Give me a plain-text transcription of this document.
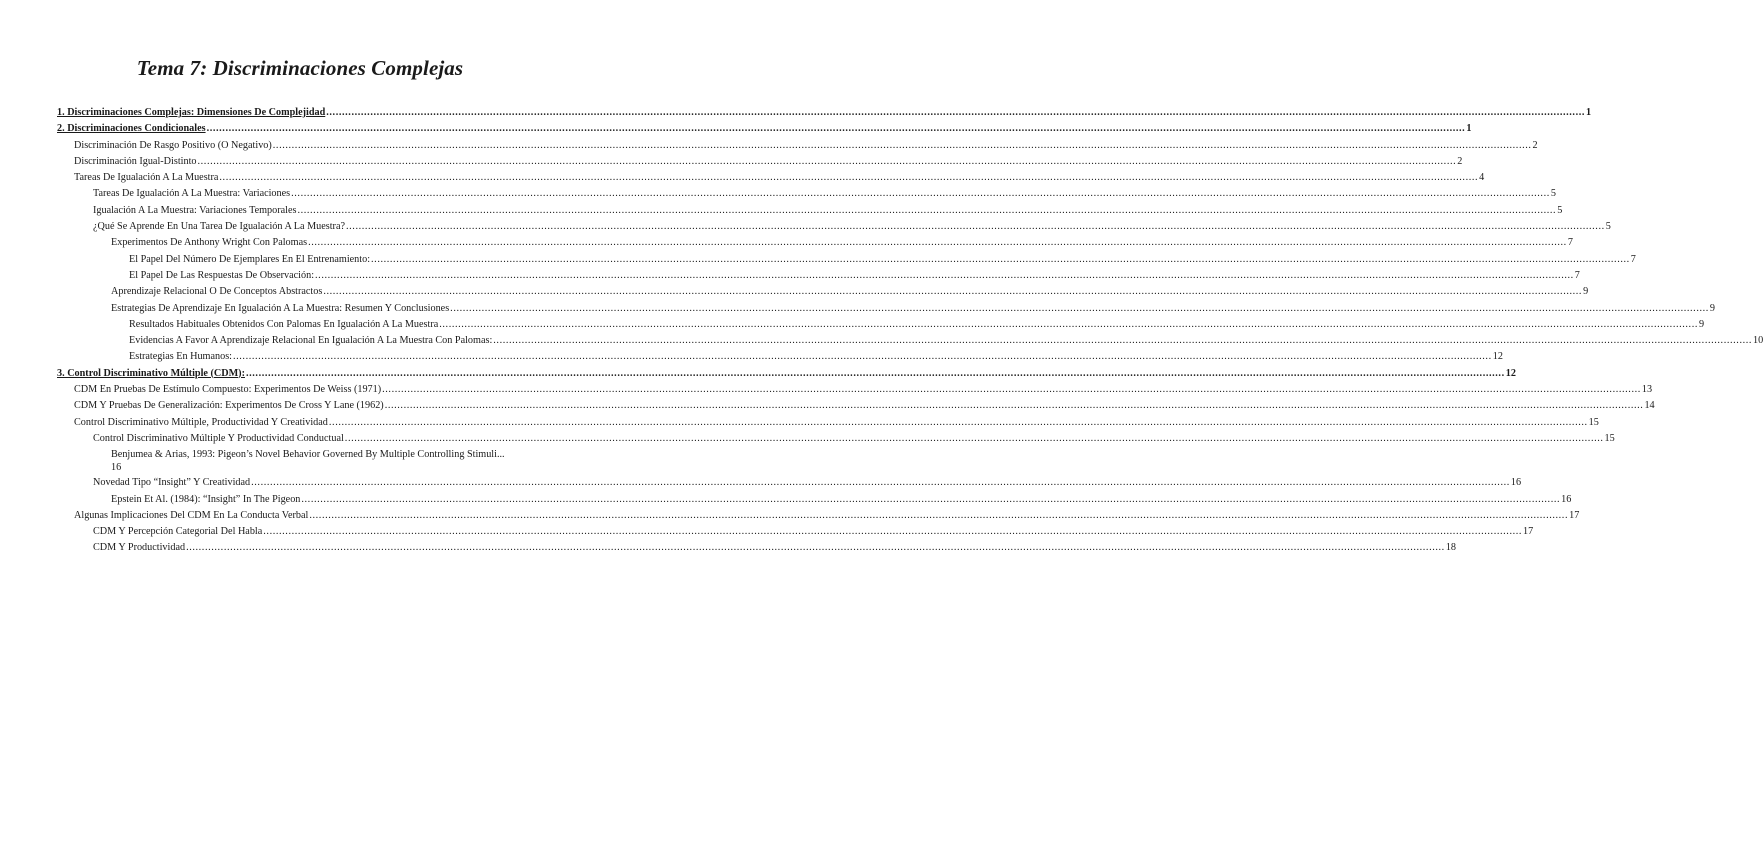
Tema 7: Discriminaciones Complejas
1. Discriminaciones Complejas: Dimensiones De Complejidad ................................................................................................................................................................................................................................................................................................................................................................................................................ 1
2. Discriminaciones Condicionales ................................................................................................................................................................................................................................................................................................................................................................................................................ 1
Discriminación De Rasgo Positivo (O Negativo) ................................................................................................................................................................................................................................................................................................................................................................................................................ 2
Discriminación Igual-Distinto ................................................................................................................................................................................................................................................................................................................................................................................................................ 2
Tareas De Igualación A La Muestra ................................................................................................................................................................................................................................................................................................................................................................................................................ 4
Tareas De Igualación A La Muestra: Variaciones ................................................................................................................................................................................................................................................................................................................................................................................................................ 5
Igualación A La Muestra: Variaciones Temporales ................................................................................................................................................................................................................................................................................................................................................................................................................ 5
¿Qué Se Aprende En Una Tarea De Igualación A La Muestra? ................................................................................................................................................................................................................................................................................................................................................................................................................ 5
Experimentos De Anthony Wright Con Palomas ................................................................................................................................................................................................................................................................................................................................................................................................................ 7
El Papel Del Número De Ejemplares En El Entrenamiento: ................................................................................................................................................................................................................................................................................................................................................................................................................ 7
El Papel De Las Respuestas De Observación: ................................................................................................................................................................................................................................................................................................................................................................................................................ 7
Aprendizaje Relacional O De Conceptos Abstractos ................................................................................................................................................................................................................................................................................................................................................................................................................ 9
Estrategias De Aprendizaje En Igualación A La Muestra: Resumen Y Conclusiones ................................................................................................................................................................................................................................................................................................................................................................................................................ 9
Resultados Habituales Obtenidos Con Palomas En Igualación A La Muestra ................................................................................................................................................................................................................................................................................................................................................................................................................ 9
Evidencias A Favor A Aprendizaje Relacional En Igualación A La Muestra Con Palomas: ................................................................................................................................................................................................................................................................................................................................................................................................................ 10
Estrategias En Humanos: ................................................................................................................................................................................................................................................................................................................................................................................................................ 12
3. Control Discriminativo Múltiple (CDM): ................................................................................................................................................................................................................................................................................................................................................................................................................ 12
CDM En Pruebas De Estímulo Compuesto: Experimentos De Weiss (1971) ................................................................................................................................................................................................................................................................................................................................................................................................................ 13
CDM Y Pruebas De Generalización: Experimentos De Cross Y Lane (1962) ................................................................................................................................................................................................................................................................................................................................................................................................................ 14
Control Discriminativo Múltiple, Productividad Y Creatividad ................................................................................................................................................................................................................................................................................................................................................................................................................ 15
Control Discriminativo Múltiple Y Productividad Conductual ................................................................................................................................................................................................................................................................................................................................................................................................................ 15
Benjumea & Arias, 1993: Pigeon’s Novel Behavior Governed By Multiple Controlling Stimuli...
16
Novedad Tipo “Insight” Y Creatividad ................................................................................................................................................................................................................................................................................................................................................................................................................ 16
Epstein Et Al. (1984): “Insight” In The Pigeon ................................................................................................................................................................................................................................................................................................................................................................................................................ 16
Algunas Implicaciones Del CDM En La Conducta Verbal ................................................................................................................................................................................................................................................................................................................................................................................................................ 17
CDM Y Percepción Categorial Del Habla ................................................................................................................................................................................................................................................................................................................................................................................................................ 17
CDM Y Productividad ................................................................................................................................................................................................................................................................................................................................................................................................................ 18
